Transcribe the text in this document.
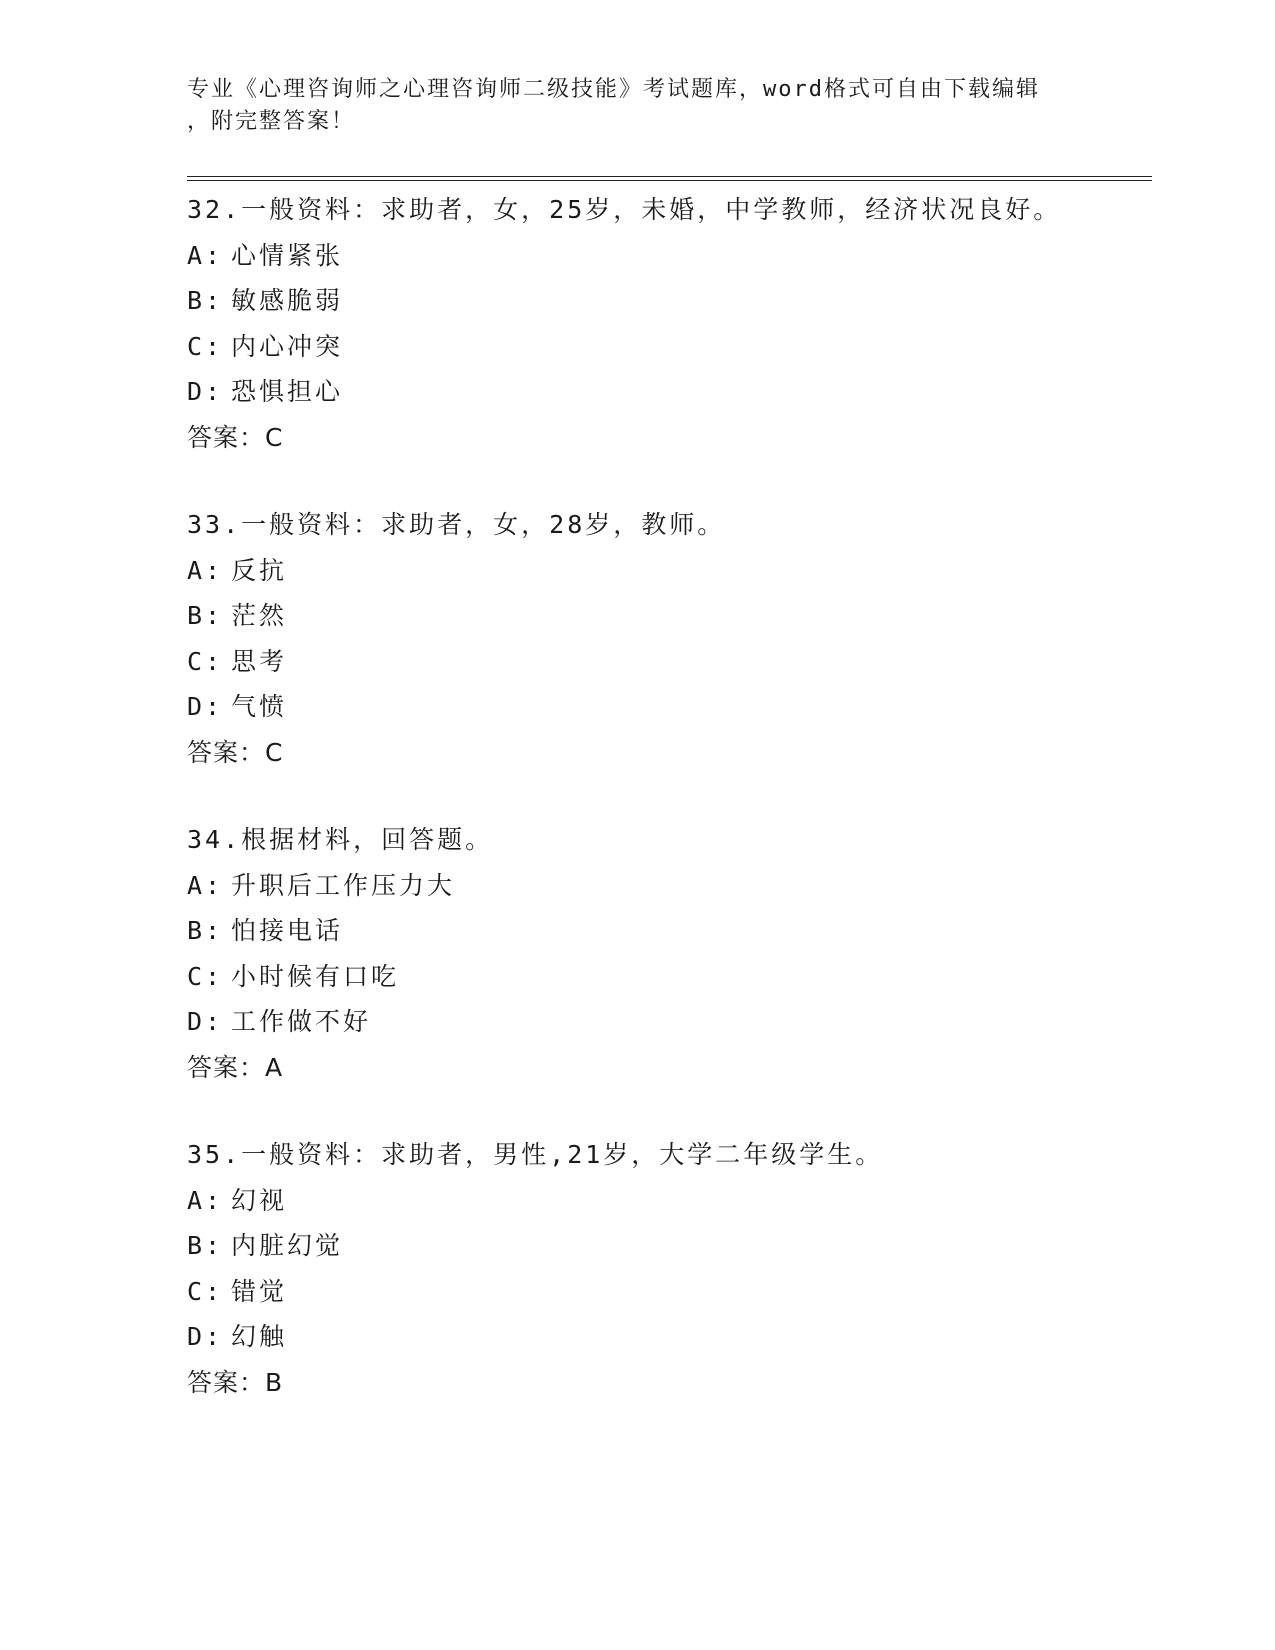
专业《心理咨询师之心理咨询师二级技能》考试题库，word格式可自由下载编辑
，附完整答案！
32.一般资料：求助者，女，25岁，未婚，中学教师，经济状况良好。
A: 心情紧张
B: 敏感脆弱
C: 内心冲突
D: 恐惧担心
答案：C
33.一般资料：求助者，女，28岁，教师。
A: 反抗
B: 茫然
C: 思考
D: 气愤
答案：C
34.根据材料，回答题。
A: 升职后工作压力大
B: 怕接电话
C: 小时候有口吃
D: 工作做不好
答案：A
35.一般资料：求助者，男性,21岁，大学二年级学生。
A: 幻视
B: 内脏幻觉
C: 错觉
D: 幻触
答案：B
